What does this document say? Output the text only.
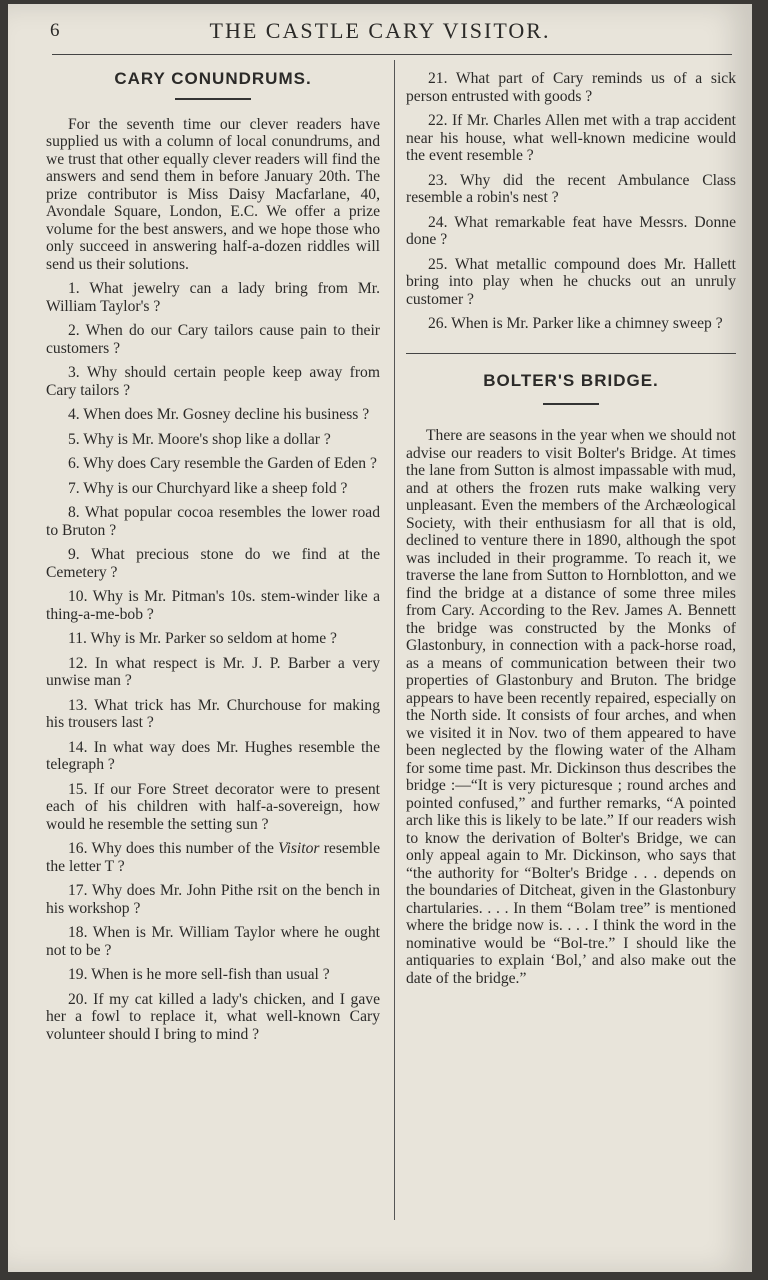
6	THE CASTLE CARY VISITOR.
CARY CONUNDRUMS.

For the seventh time our clever readers have supplied us with a column of local conundrums, and we trust that other equally clever readers will find the answers and send them in before January 20th. The prize contributor is Miss Daisy Macfarlane, 40, Avondale Square, London, E.C. We offer a prize volume for the best answers, and we hope those who only succeed in answering half-a-dozen riddles will send us their solutions.

1. What jewelry can a lady bring from Mr. William Taylor's ?

2. When do our Cary tailors cause pain to their customers ?

3. Why should certain people keep away from Cary tailors ?

4. When does Mr. Gosney decline his business ?

5. Why is Mr. Moore's shop like a dollar ?

6. Why does Cary resemble the Garden of Eden ?

7. Why is our Churchyard like a sheep fold ?

8. What popular cocoa resembles the lower road to Bruton ?

9. What precious stone do we find at the Cemetery ?

10. Why is Mr. Pitman's 10s. stem-winder like a thing-a-me-bob ?

11. Why is Mr. Parker so seldom at home ?

12. In what respect is Mr. J. P. Barber a very unwise man ?

13. What trick has Mr. Churchouse for making his trousers last ?

14. In what way does Mr. Hughes resemble the telegraph ?

15. If our Fore Street decorator were to present each of his children with half-a-sovereign, how would he resemble the setting sun ?

16. Why does this number of the Visitor resemble the letter T ?

17. Why does Mr. John Pithe rsit on the bench in his workshop ?

18. When is Mr. William Taylor where he ought not to be ?

19. When is he more sell-fish than usual ?

20. If my cat killed a lady's chicken, and I gave her a fowl to replace it, what well-known Cary volunteer should I bring to mind ?

21. What part of Cary reminds us of a sick person entrusted with goods ?

22. If Mr. Charles Allen met with a trap accident near his house, what well-known medicine would the event resemble ?

23. Why did the recent Ambulance Class resemble a robin's nest ?

24. What remarkable feat have Messrs. Donne done ?

25. What metallic compound does Mr. Hallett bring into play when he chucks out an unruly customer ?

26. When is Mr. Parker like a chimney sweep ?

BOLTER'S BRIDGE.

There are seasons in the year when we should not advise our readers to visit Bolter's Bridge. At times the lane from Sutton is almost impassable with mud, and at others the frozen ruts make walking very unpleasant. Even the members of the Archæological Society, with their enthusiasm for all that is old, declined to venture there in 1890, although the spot was included in their programme. To reach it, we traverse the lane from Sutton to Hornblotton, and we find the bridge at a distance of some three miles from Cary. According to the Rev. James A. Bennett the bridge was constructed by the Monks of Glastonbury, in connection with a pack-horse road, as a means of communication between their two properties of Glastonbury and Bruton. The bridge appears to have been recently repaired, especially on the North side. It consists of four arches, and when we visited it in Nov. two of them appeared to have been neglected by the flowing water of the Alham for some time past. Mr. Dickinson thus describes the bridge :—“It is very picturesque ; round arches and pointed confused,” and further remarks, “A pointed arch like this is likely to be late.” If our readers wish to know the derivation of Bolter's Bridge, we can only appeal again to Mr. Dickinson, who says that “the authority for “Bolter's Bridge . . . depends on the boundaries of Ditcheat, given in the Glastonbury chartularies. . . . In them “Bolam tree” is mentioned where the bridge now is. . . . I think the word in the nominative would be “Bol-tre.” I should like the antiquaries to explain ‘Bol,’ and also make out the date of the bridge.”
